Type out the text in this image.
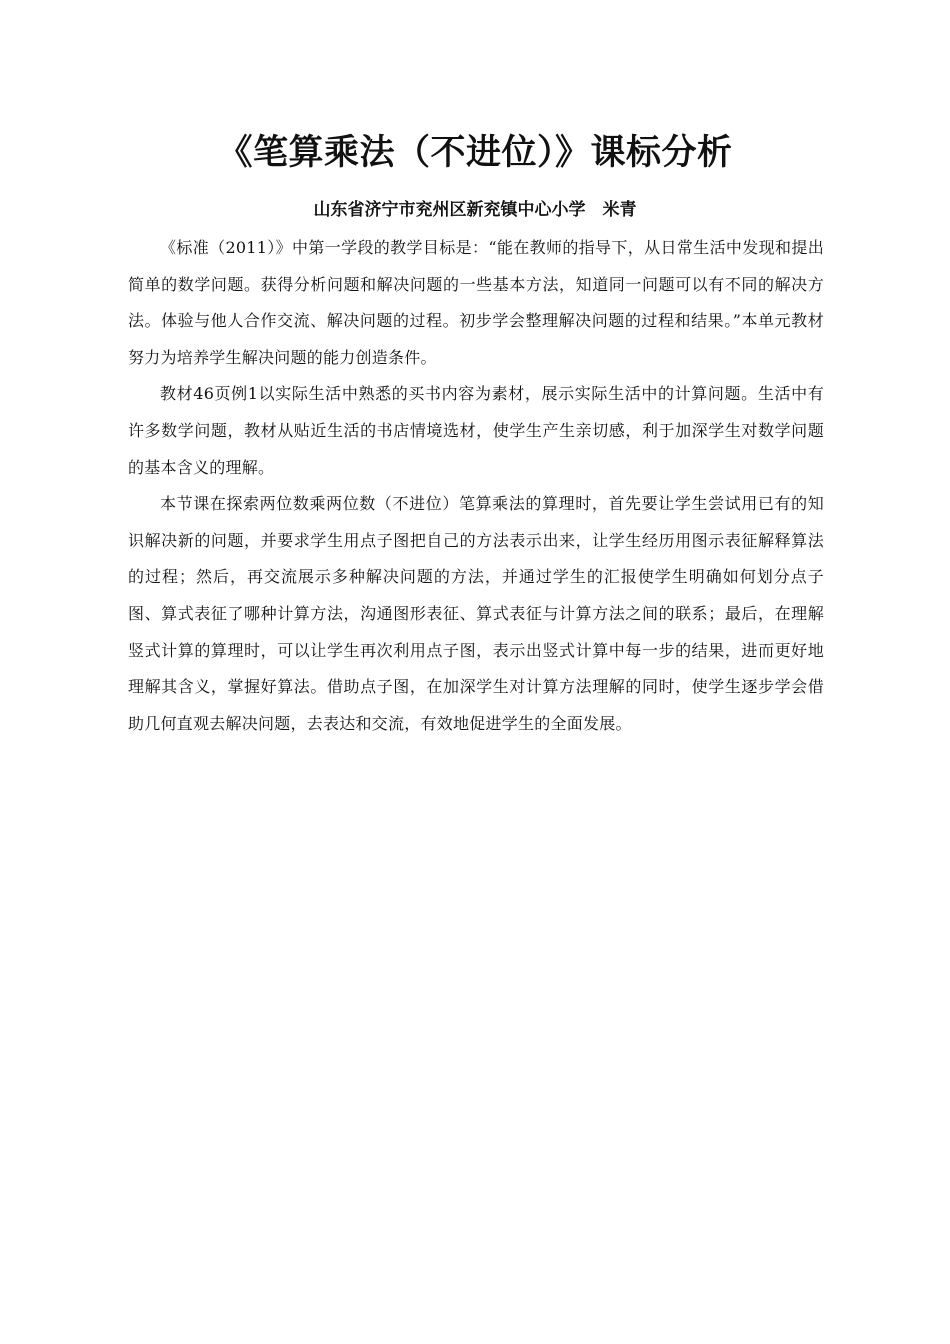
《笔算乘法（不进位）》课标分析

山东省济宁市兖州区新兖镇中心小学　米青

《标准（2011）》中第一学段的教学目标是：“能在教师的指导下，从日常生活中发现和提出简单的数学问题。获得分析问题和解决问题的一些基本方法，知道同一问题可以有不同的解决方法。体验与他人合作交流、解决问题的过程。初步学会整理解决问题的过程和结果。”本单元教材努力为培养学生解决问题的能力创造条件。

教材46页例1以实际生活中熟悉的买书内容为素材，展示实际生活中的计算问题。生活中有许多数学问题，教材从贴近生活的书店情境选材，使学生产生亲切感，利于加深学生对数学问题的基本含义的理解。

本节课在探索两位数乘两位数（不进位）笔算乘法的算理时，首先要让学生尝试用已有的知识解决新的问题，并要求学生用点子图把自己的方法表示出来，让学生经历用图示表征解释算法的过程；然后，再交流展示多种解决问题的方法，并通过学生的汇报使学生明确如何划分点子图、算式表征了哪种计算方法，沟通图形表征、算式表征与计算方法之间的联系；最后，在理解竖式计算的算理时，可以让学生再次利用点子图，表示出竖式计算中每一步的结果，进而更好地理解其含义，掌握好算法。借助点子图，在加深学生对计算方法理解的同时，使学生逐步学会借助几何直观去解决问题，去表达和交流，有效地促进学生的全面发展。
